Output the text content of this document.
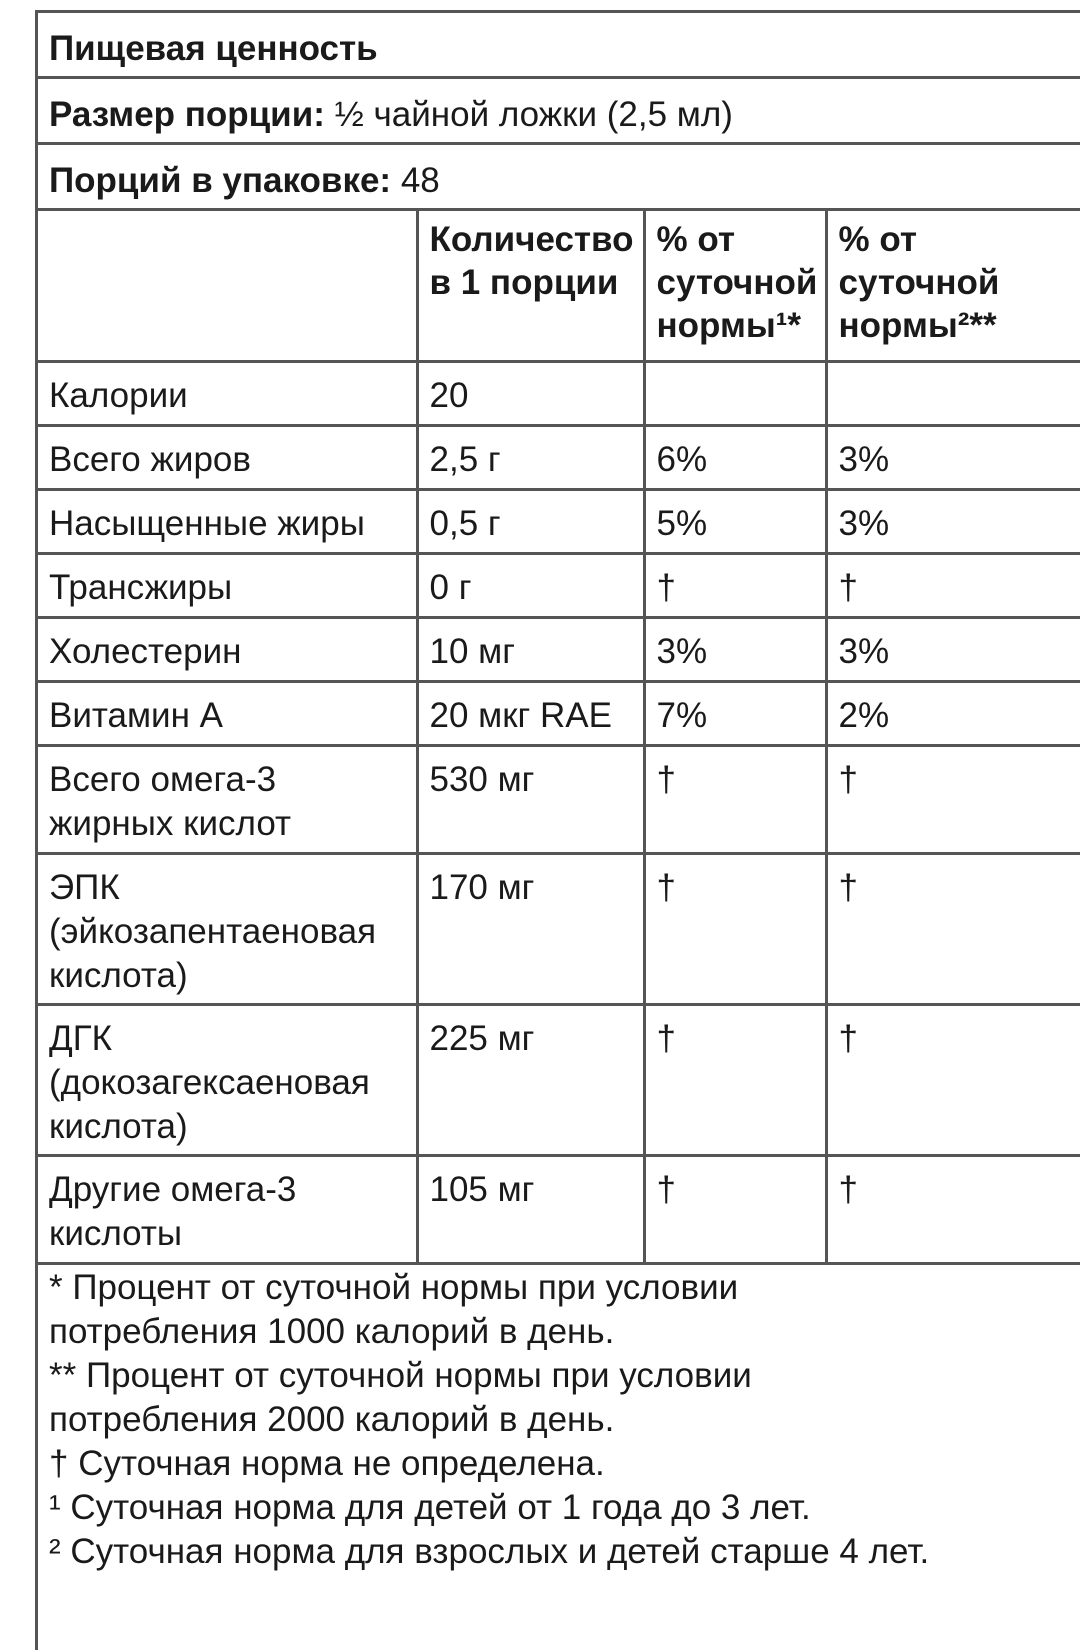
Пищевая ценность
Размер порции: ½ чайной ложки (2,5 мл)
Порций в упаковке: 48
	Количество в 1 порции	% от суточной нормы¹*	% от суточной нормы²**
Калории	20		
Всего жиров	2,5 г	6%	3%
Насыщенные жиры	0,5 г	5%	3%
Трансжиры	0 г	†	†
Холестерин	10 мг	3%	3%
Витамин А	20 мкг RAE	7%	2%
Всего омега-3 жирных кислот	530 мг	†	†
ЭПК (эйкозапентаеновая кислота)	170 мг	†	†
ДГК (докозагексаеновая кислота)	225 мг	†	†
Другие омега-3 кислоты	105 мг	†	†
* Процент от суточной нормы при условии
потребления 1000 калорий в день.
** Процент от суточной нормы при условии
потребления 2000 калорий в день.
† Суточная норма не определена.
¹ Суточная норма для детей от 1 года до 3 лет.
² Суточная норма для взрослых и детей старше 4 лет.
